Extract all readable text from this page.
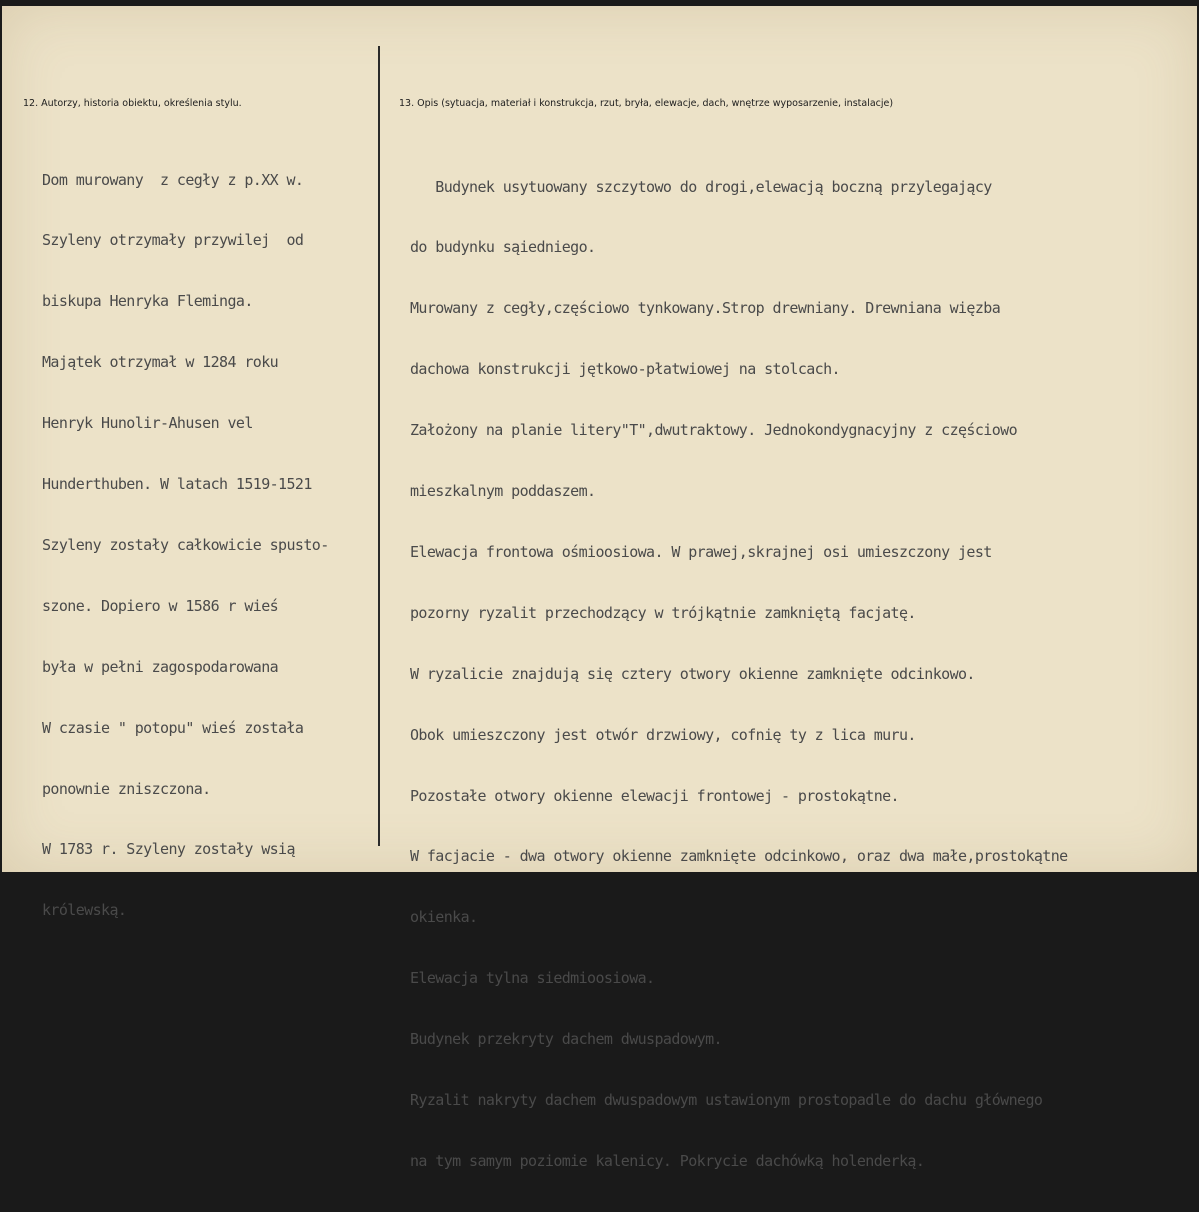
12. Autorzy, historia obiektu, określenia stylu.	13. Opis (sytuacja, materiał i konstrukcja, rzut, bryła, elewacje, dach, wnętrze wyposarzenie, instalacje)

Dom murowany  z cegły z p.XX w.

Szyleny otrzymały przywilej  od

biskupa Henryka Fleminga.

Majątek otrzymał w 1284 roku

Henryk Hunolir-Ahusen vel

Hunderthuben. W latach 1519-1521

Szyleny zostały całkowicie spusto-

szone. Dopiero w 1586 r wieś

była w pełni zagospodarowana

W czasie " potopu" wieś została

ponownie zniszczona.

W 1783 r. Szyleny zostały wsią

królewską.

Budynek usytuowany szczytowo do drogi,elewacją boczną przylegający

do budynku sąiedniego.

Murowany z cegły,częściowo tynkowany.Strop drewniany. Drewniana więzba

dachowa konstrukcji jętkowo-płatwiowej na stolcach.

Założony na planie litery"T",dwutraktowy. Jednokondygnacyjny z częściowo

mieszkalnym poddaszem.

Elewacja frontowa ośmioosiowa. W prawej,skrajnej osi umieszczony jest

pozorny ryzalit przechodzący w trójkątnie zamkniętą facjatę.

W ryzalicie znajdują się cztery otwory okienne zamknięte odcinkowo.

Obok umieszczony jest otwór drzwiowy, cofnię ty z lica muru.

Pozostałe otwory okienne elewacji frontowej - prostokątne.

W facjacie - dwa otwory okienne zamknięte odcinkowo, oraz dwa małe,prostokątne

okienka.

Elewacja tylna siedmioosiowa.

Budynek przekryty dachem dwuspadowym.

Ryzalit nakryty dachem dwuspadowym ustawionym prostopadle do dachu głównego

na tym samym poziomie kalenicy. Pokrycie dachówką holenderką.
